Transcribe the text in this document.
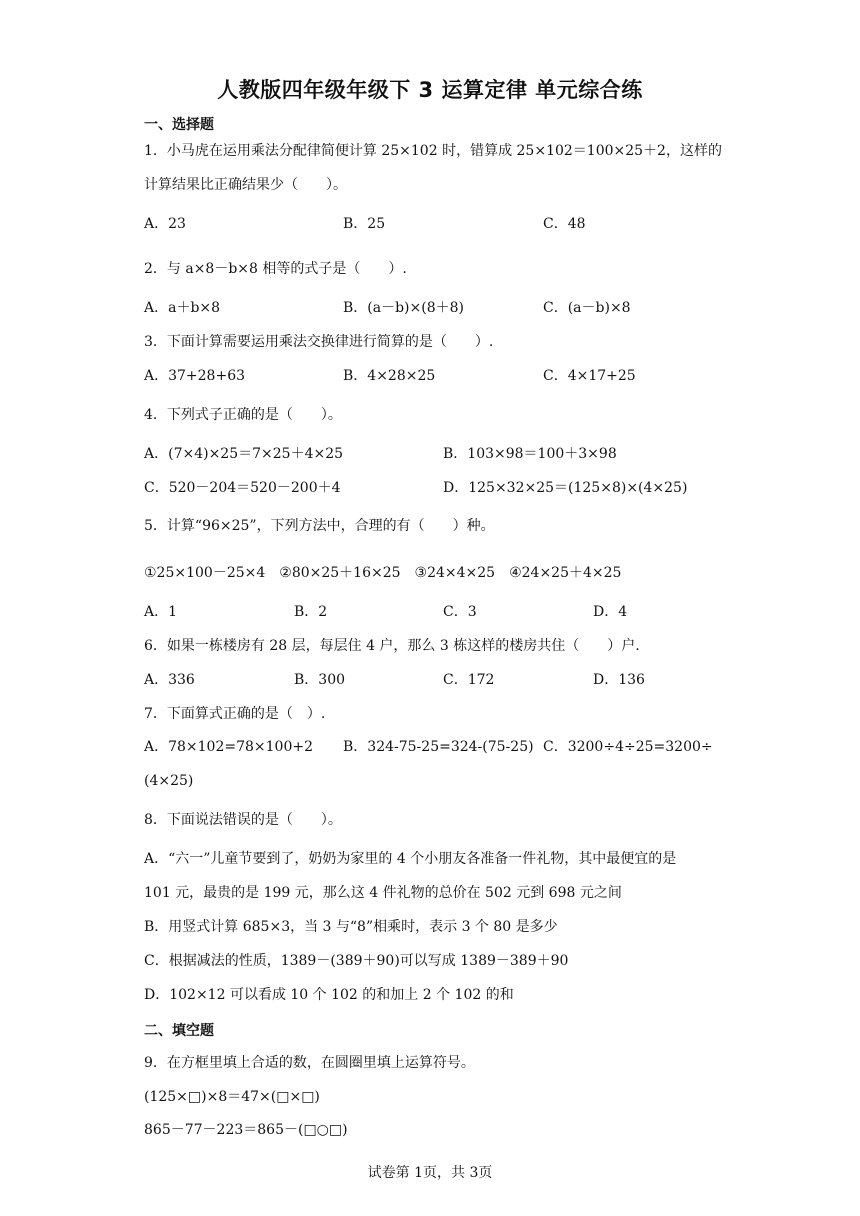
人教版四年级年级下 3 运算定律 单元综合练
一、选择题
1．小马虎在运用乘法分配律简便计算 25×102 时，错算成 25×102＝100×25＋2，这样的
计算结果比正确结果少（　　）。
A．23	B．25	C．48
2．与 a×8－b×8 相等的式子是（　　）.
A．a＋b×8	B．(a－b)×(8＋8)	C．(a－b)×8
3．下面计算需要运用乘法交换律进行简算的是（　　）.
A．37+28+63	B．4×28×25	C．4×17+25
4．下列式子正确的是（　　）。
A．(7×4)×25＝7×25＋4×25	B．103×98＝100＋3×98
C．520－204＝520－200＋4	D．125×32×25＝(125×8)×(4×25)
5．计算“96×25”，下列方法中，合理的有（　　）种。
①25×100－25×4　②80×25＋16×25　③24×4×25　④24×25＋4×25
A．1	B．2	C．3	D．4
6．如果一栋楼房有 28 层，每层住 4 户，那么 3 栋这样的楼房共住（　　）户.
A．336	B．300	C．172	D．136
7．下面算式正确的是（　）.
A．78×102=78×100+2 B．324-75-25=324-(75-25) C．3200÷4÷25=3200÷
(4×25)
8．下面说法错误的是（　　）。
A．“六一”儿童节要到了，奶奶为家里的 4 个小朋友各准备一件礼物，其中最便宜的是
101 元，最贵的是 199 元，那么这 4 件礼物的总价在 502 元到 698 元之间
B．用竖式计算 685×3，当 3 与“8”相乘时，表示 3 个 80 是多少
C．根据减法的性质，1389－(389＋90)可以写成 1389－389＋90
D．102×12 可以看成 10 个 102 的和加上 2 个 102 的和
二、填空题
9．在方框里填上合适的数，在圆圈里填上运算符号。
(125×□)×8＝47×(□×□)
865－77－223＝865－(□○□)
试卷第 1页，共 3页
